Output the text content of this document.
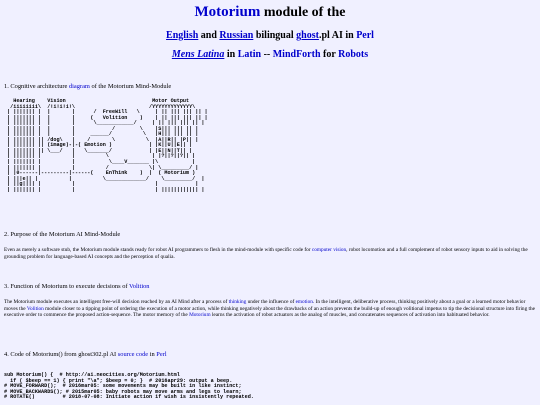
Motorium module of the
English and Russian bilingual ghost.pl AI in Perl
Mens Latina in Latin -- MindForth for Robots
1. Cognitive architecture diagram of the Motorium Mind-Module
Hearing    Vision                            Motor Output
/iiiiiiii\  /!i!i!i!\                        /YYYYYYYYYYYYY\
| ||||||| |  |       |      /  FreeWill   \     | || ||| ||| || |
| ||||||| |  |       |     (   Volition    )    | || ||| ||| || |
| ||||||| |  |       |      \____________/     | || ||| ||| || |
| ||||||| |  |       |            /        \    |S||| ||| || |
| ||||||| |  |       |     ______/          \   |H||| ||| || |
| ||||||| || /dog\   |    /       \          \  |A||R|| |P|| |
| ||||||| || (image)-|-( Emotion )            | |K||U||E|| |
| ||||||| || \___/   |   \_______/            | |E||N||T|| |
| ||||||| |          |          \              | |?||?||?|| |
| ||||||| |          |           \____V_______ |\           |
| ||||||| |          |          /             \| \_________/ |
| |0------|---------|------(    EnThink    )  |  ( Motorium )
| |||e|| |          |          \_____________/    \_________/  |
| ||g|||| |          |                          |            |
| ||||||| |          |                          | |||||||||||| |
2. Purpose of the Motorium AI Mind-Module
Even as merely a software stub, the Motorium module stands ready for robot AI programmers to flesh in the mind-module with specific code for computer vision, robot locomotion and a full complement of robot sensory inputs to aid in solving the grounding problem for language-based AI concepts and the perception of qualia.
3. Function of Motorium to execute decisions of Volition
The Motorium module executes an intelligent free-will decision reached by an AI Mind after a process of thinking under the influence of emotion. In the intelligent, deliberative process, thinking positively about a goal or a learned motor behavior moves the Volition module closer to a tipping point of ordering the execution of a motor action, while thinking negatively about the drawbacks of an action prevents the build-up of enough volitional impetus to tip the decisional structure into firing the executive order to commence the proposed action-sequence. The motor memory of the Motorium learns the activation of robot actuators as the analog of muscles, and concatenates sequences of activation into habituated behavior.
4. Code of Motorium() from ghost302.pl AI source code in Perl
sub Motorium() {  # http://ai.neocities.org/Motorium.html
if ( $beep == 1) { print "\a"; $beep = 0; }  # 2016apr29: output a beep.
# MOVE_FORWARD();  # 2016mar05: some movements may be built in like instinct;
# MOVE_BACKWARDS(); # 2015mar05: baby robots may move arms and legs to learn;
# ROTATE()         # 2018-07-08: Initiate action if wish is insistently repeated.
